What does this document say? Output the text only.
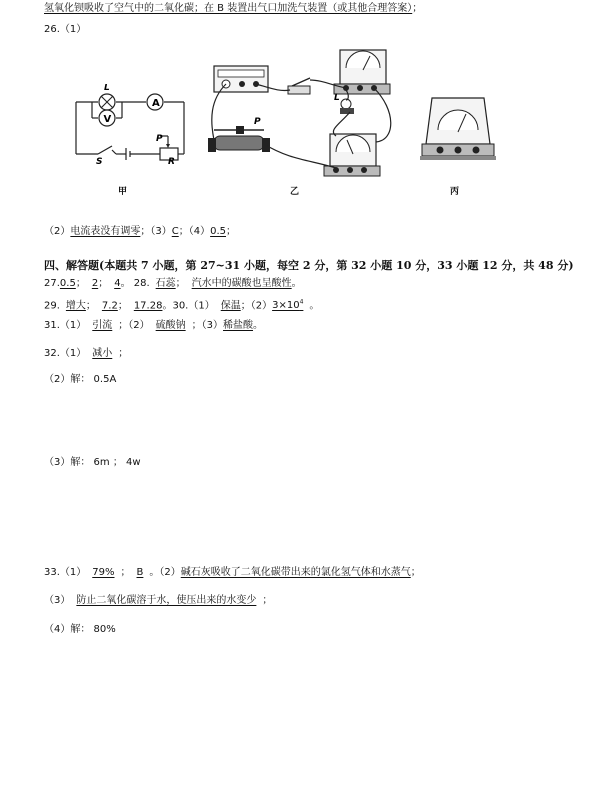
氢氧化钡吸收了空气中的二氧化碳；在 B 装置出气口加洗气装置（或其他合理答案）；
26.（1）
A
V
L
S
P
R
甲
P
L
乙	丙
（2）电流表没有调零；（3）C；（4）0.5；
四、解答题(本题共 7 小题，第 27~31 小题，每空 2 分，第 32 小题 10 分，33 小题 12 分，共 48 分)
27.0.5； 2； 4。 28. 石蕊； 汽水中的碳酸也呈酸性。
29. 增大； 7.2； 17.28。30.（1） 保温；$(2)3\times 10^4$ 。
31.（1） 引流 ；（2） 硫酸钠 ；（3）稀盐酸。
32.（1） 减小 ；
（2）解： 0.5A
（3）解： 6m ； 4w
33.（1） 79% ； B 。（2）碱石灰吸收了二氧化碳带出来的氯化氢气体和水蒸气；
（3） 防止二氧化碳溶于水，使压出来的水变少 ；
（4）解： 80%
